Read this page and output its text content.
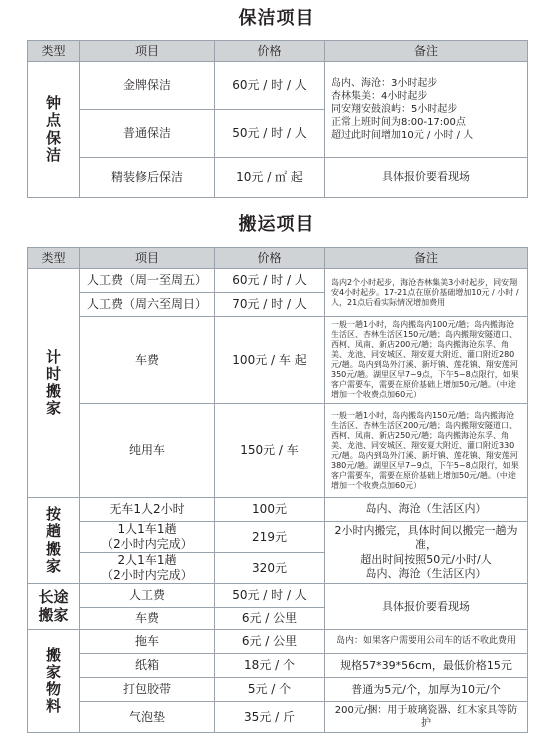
保洁项目
类型	项目	价格	备注
钟
点
保
洁	金牌保洁	60元 / 时 / 人	岛内、海沧：3小时起步
杏林集美：4小时起步
同安翔安鼓浪屿：5小时起步
正常上班时间为8:00-17:00点
超过此时间增加10元 / 小时 / 人
	普通保洁	50元 / 时 / 人	
	精装修后保洁	10元 / ㎡ 起	具体报价要看现场
搬运项目
类型	项目	价格	备注
计
时
搬
家	人工费（周一至周五）	60元 / 时 / 人	岛内2个小时起步，海沧杏林集美3小时起步，同安翔安4小时起步。17-21点在原价基础增加10元 / 小时 / 人，21点后看实际情况增加费用
	人工费（周六至周日）	70元 / 时 / 人	
	车费	100元 / 车 起	一般一趟1小时，岛内搬岛内100元/趟；岛内搬海沧生活区、杏林生活区150元/趟；岛内搬翔安隧道口、西柯、凤南、新店200元/趟；岛内搬海沧东孚、角美、龙池、同安城区、翔安夏大附近、灌口附近280元/趟。岛内到岛外汀溪、新圩镇、莲花镇、翔安莲河350元/趟。湖里区早7~9点，下午5~8点限行，如果客户需要车，需要在原价基础上增加50元/趟。（中途增加一个收费点加60元）
	纯用车	150元 / 车	一般一趟1小时，岛内搬岛内150元/趟；岛内搬海沧生活区、杏林生活区200元/趟；岛内搬翔安隧道口、西柯、凤南、新店250元/趟；岛内搬海沧东孚、角美、龙池、同安城区、翔安夏大附近、灌口附近330元/趟。岛内到岛外汀溪、新圩镇、莲花镇、翔安莲河380元/趟。湖里区早7~9点，下午5~8点限行，如果客户需要车，需要在原价基础上增加50元/趟。（中途增加一个收费点加60元）
按
趟
搬
家	无车1人2小时	100元	岛内、海沧（生活区内）
	1人1车1趟
（2小时内完成）	219元	2小时内搬完，具体时间以搬完一趟为准，
超出时间按照50元/小时/人
岛内、海沧（生活区内）
	2人1车1趟
（2小时内完成）	320元	
长途
搬家	人工费	50元 / 时 / 人	具体报价要看现场
	车费	6元 / 公里	
搬
家
物
料	拖车	6元 / 公里	岛内：如果客户需要用公司车的话不收此费用
	纸箱	18元 / 个	规格57*39*56cm，最低价格15元
	打包胶带	5元 / 个	普通为5元/个，加厚为10元/个
	气泡垫	35元 / 斤	200元/捆：用于玻璃瓷器、红木家具等防护
